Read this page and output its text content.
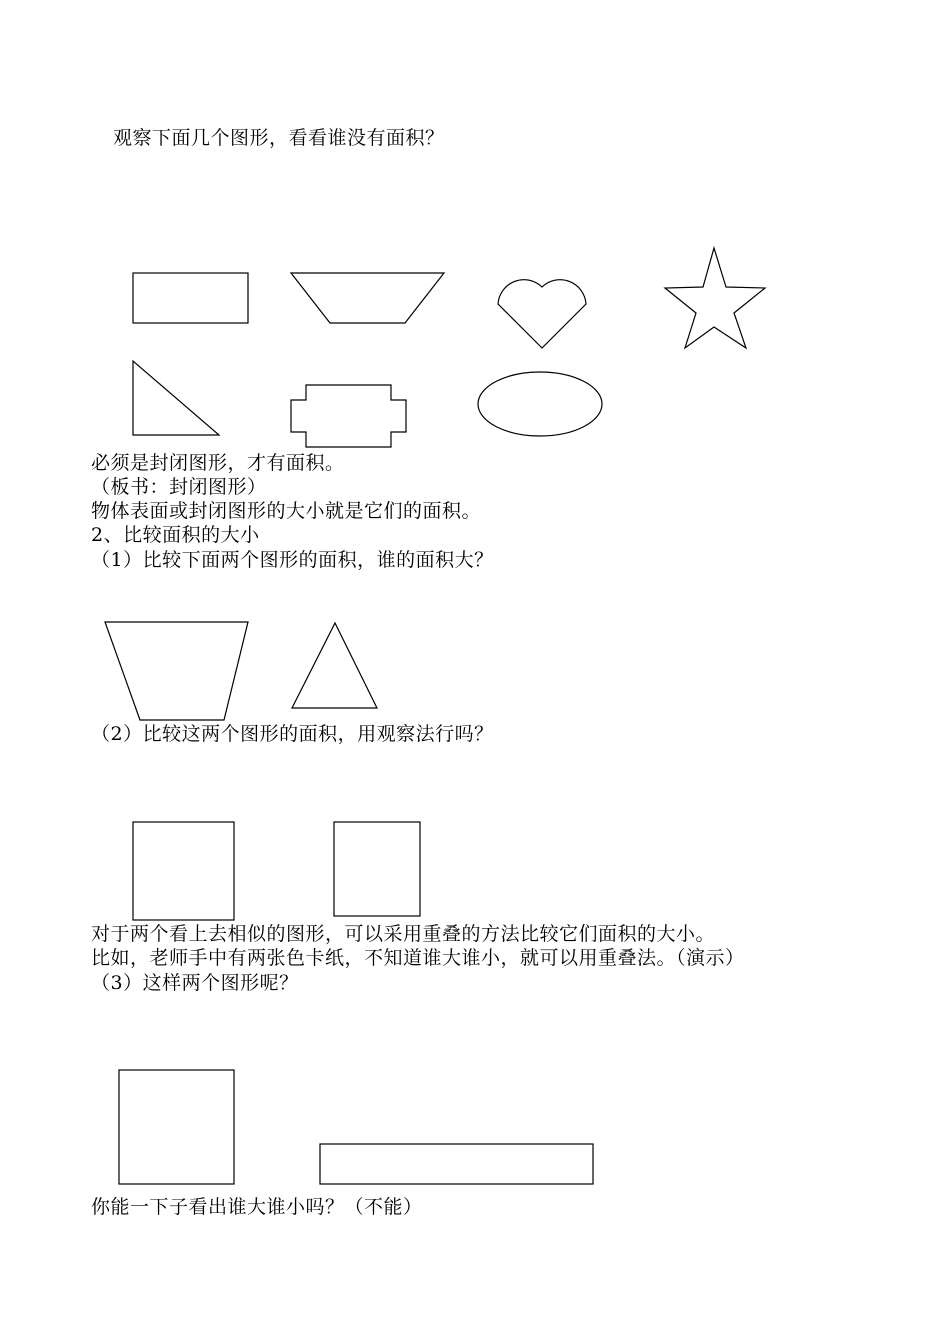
观察下面几个图形，看看谁没有面积？
必须是封闭图形，才有面积。
（板书：封闭图形）
物体表面或封闭图形的大小就是它们的面积。
2、比较面积的大小
（1）比较下面两个图形的面积，谁的面积大？
（2）比较这两个图形的面积，用观察法行吗？
对于两个看上去相似的图形，可以采用重叠的方法比较它们面积的大小。
比如，老师手中有两张色卡纸，不知道谁大谁小，就可以用重叠法。（演示）
（3）这样两个图形呢？
你能一下子看出谁大谁小吗？（不能）
